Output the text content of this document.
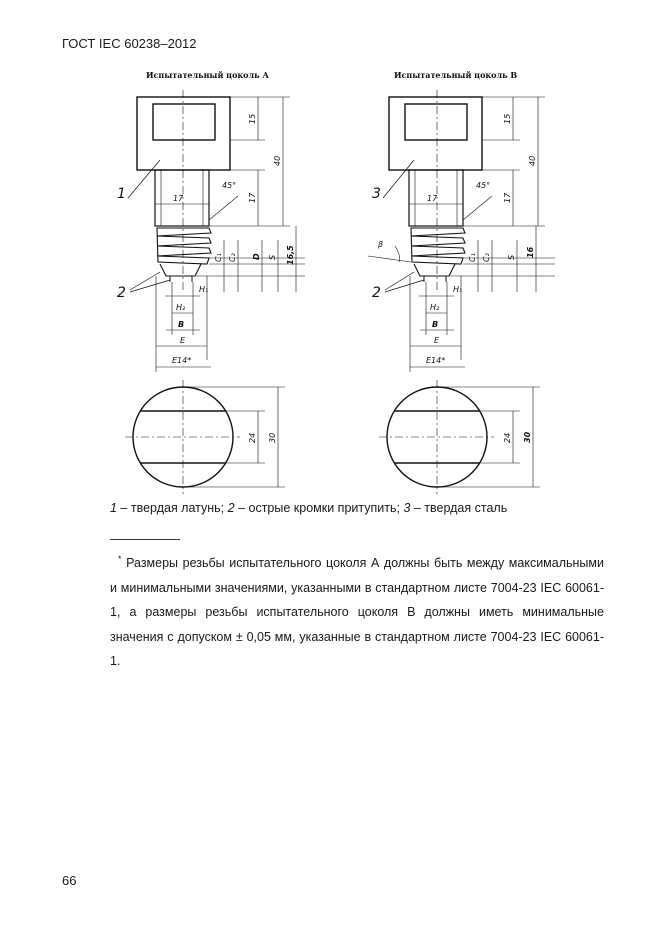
ГОСТ IEC 60238–2012
Испытательный цоколь А
15
40
17
17
45°
C₁ C₂ D S 16,5
1
2	H₁
H₂
B
E
E14*
24 30
Испытательный цоколь В
15
40
17
17
45°
C₁ C₂ S 16
β
3
2	H₁
H₂
B
E
E14*
24 30
1 – твердая латунь; 2 – острые кромки притупить; 3 – твердая сталь
* Размеры резьбы испытательного цоколя А должны быть между максимальными и минимальными значениями, указанными в стандартном листе 7004-23 IEC 60061-1, а размеры резьбы испытательного цоколя В должны иметь минимальные значения с допуском ± 0,05 мм, указанные в стандартном листе 7004-23 IEC 60061-1.
66
